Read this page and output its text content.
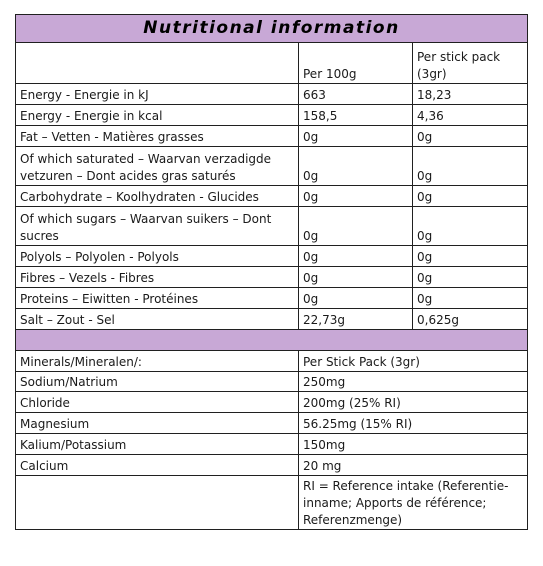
Nutritional information		
	Per 100g	Per stick pack (3gr)
Energy - Energie in kJ	663	18,23
Energy - Energie in kcal	158,5	4,36
Fat – Vetten - Matières grasses	0g	0g
Of which saturated – Waarvan verzadigde vetzuren – Dont acides gras saturés	0g	0g
Carbohydrate – Koolhydraten - Glucides	0g	0g
Of which sugars – Waarvan suikers – Dont sucres	0g	0g
Polyols – Polyolen - Polyols	0g	0g
Fibres – Vezels - Fibres	0g	0g
Proteins – Eiwitten - Protéines	0g	0g
Salt – Zout - Sel	22,73g	0,625g

Minerals/Mineralen/:	Per Stick Pack (3gr)
Sodium/Natrium	250mg
Chloride	200mg (25% RI)
Magnesium	56.25mg (15% RI)
Kalium/Potassium	150mg
Calcium	20 mg
	RI = Reference intake (Referentie-inname; Apports de référence; Referenzmenge)
